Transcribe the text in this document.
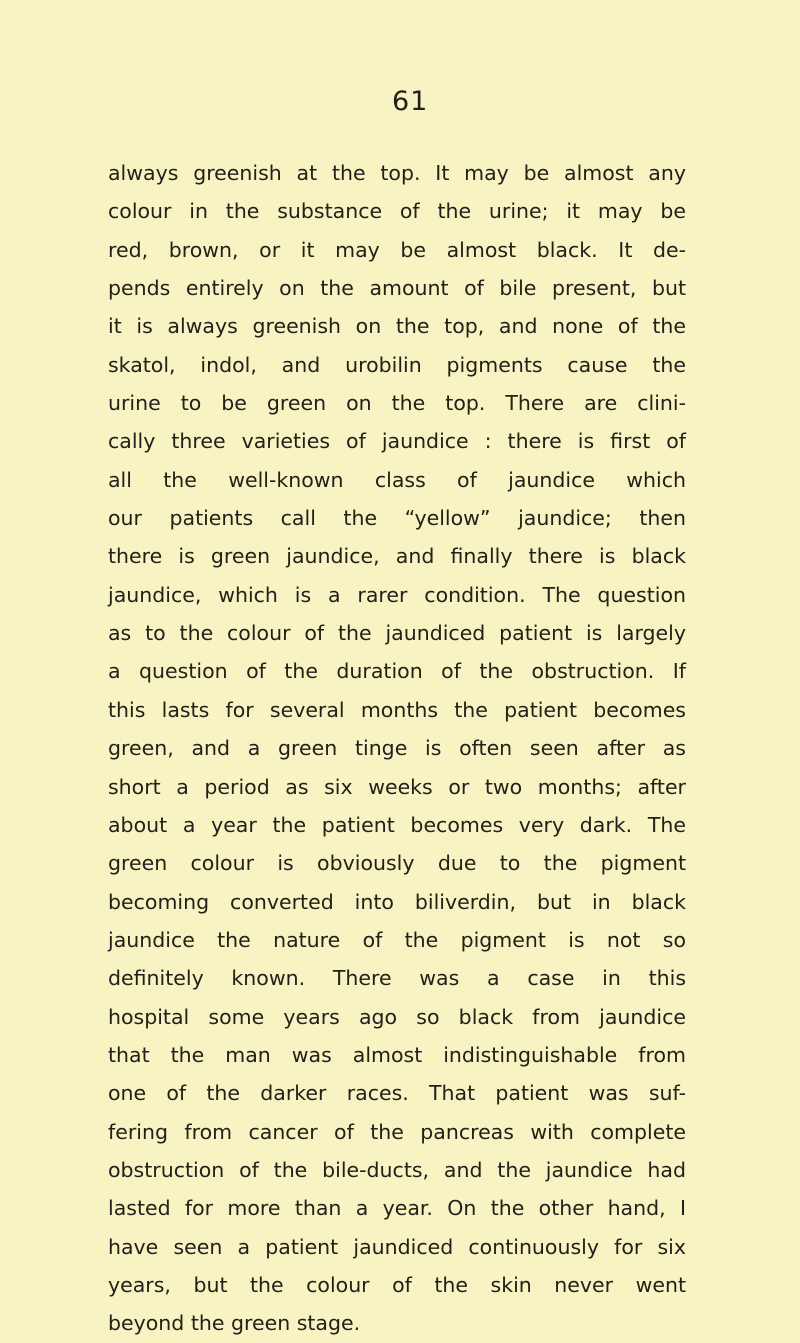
61
always greenish at the top. It may be almost any
colour in the substance of the urine; it may be
red, brown, or it may be almost black. It de-
pends entirely on the amount of bile present, but
it is always greenish on the top, and none of the
skatol, indol, and urobilin pigments cause the
urine to be green on the top. There are clini-
cally three varieties of jaundice : there is first of
all the well-known class of jaundice which
our patients call the “yellow” jaundice; then
there is green jaundice, and finally there is black
jaundice, which is a rarer condition. The question
as to the colour of the jaundiced patient is largely
a question of the duration of the obstruction. If
this lasts for several months the patient becomes
green, and a green tinge is often seen after as
short a period as six weeks or two months; after
about a year the patient becomes very dark. The
green colour is obviously due to the pigment
becoming converted into biliverdin, but in black
jaundice the nature of the pigment is not so
definitely known. There was a case in this
hospital some years ago so black from jaundice
that the man was almost indistinguishable from
one of the darker races. That patient was suf-
fering from cancer of the pancreas with complete
obstruction of the bile-ducts, and the jaundice had
lasted for more than a year. On the other hand, I
have seen a patient jaundiced continuously for six
years, but the colour of the skin never went
beyond the green stage.
